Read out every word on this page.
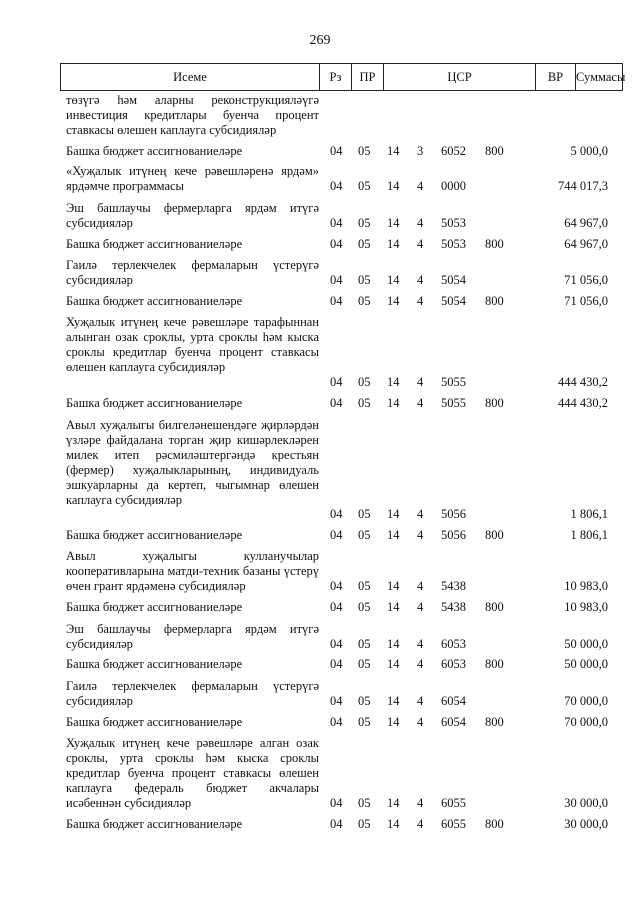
269
Исеме	Рз	ПР	ЦСР	ВР	Суммасы
төзүгә һәм аларны реконструкцияләүгә инвестиция кредитлары буенча процент ставкасы өлешен каплауга субсидияләр
Башка бюджет ассигнованиеләре	04 05 14 3 6052 800	5 000,0
«Хуҗалык итүнең кече рәвешләренә ярдәм» ярдәмче программасы	04 05 14 4 0000	744 017,3
Эш башлаучы фермерларга ярдәм итүгә субсидияләр	04 05 14 4 5053	64 967,0
Башка бюджет ассигнованиеләре	04 05 14 4 5053 800	64 967,0
Гаилә терлекчелек фермаларын үстерүгә субсидияләр	04 05 14 4 5054	71 056,0
Башка бюджет ассигнованиеләре	04 05 14 4 5054 800	71 056,0
Хуҗалык итүнең кече рәвешләре тарафыннан алынган озак сроклы, урта сроклы һәм кыска сроклы кредитлар буенча процент ставкасы өлешен каплауга субсидияләр
04 05 14 4 5055	444 430,2
Башка бюджет ассигнованиеләре	04 05 14 4 5055 800	444 430,2
Авыл хуҗалыгы билгеләнешендәге җирләрдән үзләре файдалана торган җир кишәрлекләрен милек итеп рәсмиләштергәндә крестьян (фермер) хуҗалыкларының, индивидуаль эшкуарларны да кертеп, чыгымнар өлешен каплауга субсидияләр
04 05 14 4 5056	1 806,1
Башка бюджет ассигнованиеләре	04 05 14 4 5056 800	1 806,1
Авыл хуҗалыгы кулланучылар кооперативларына матди-техник базаны үстерү өчен грант ярдәменә субсидияләр	04 05 14 4 5438	10 983,0
Башка бюджет ассигнованиеләре	04 05 14 4 5438 800	10 983,0
Эш башлаучы фермерларга ярдәм итүгә субсидияләр	04 05 14 4 6053	50 000,0
Башка бюджет ассигнованиеләре	04 05 14 4 6053 800	50 000,0
Гаилә терлекчелек фермаларын үстерүгә субсидияләр	04 05 14 4 6054	70 000,0
Башка бюджет ассигнованиеләре	04 05 14 4 6054 800	70 000,0
Хуҗалык итүнең кече рәвешләре алган озак сроклы, урта сроклы һәм кыска сроклы кредитлар буенча процент ставкасы өлешен каплауга федераль бюджет акчалары исәбеннән субсидияләр	04 05 14 4 6055	30 000,0
Башка бюджет ассигнованиеләре	04 05 14 4 6055 800	30 000,0
